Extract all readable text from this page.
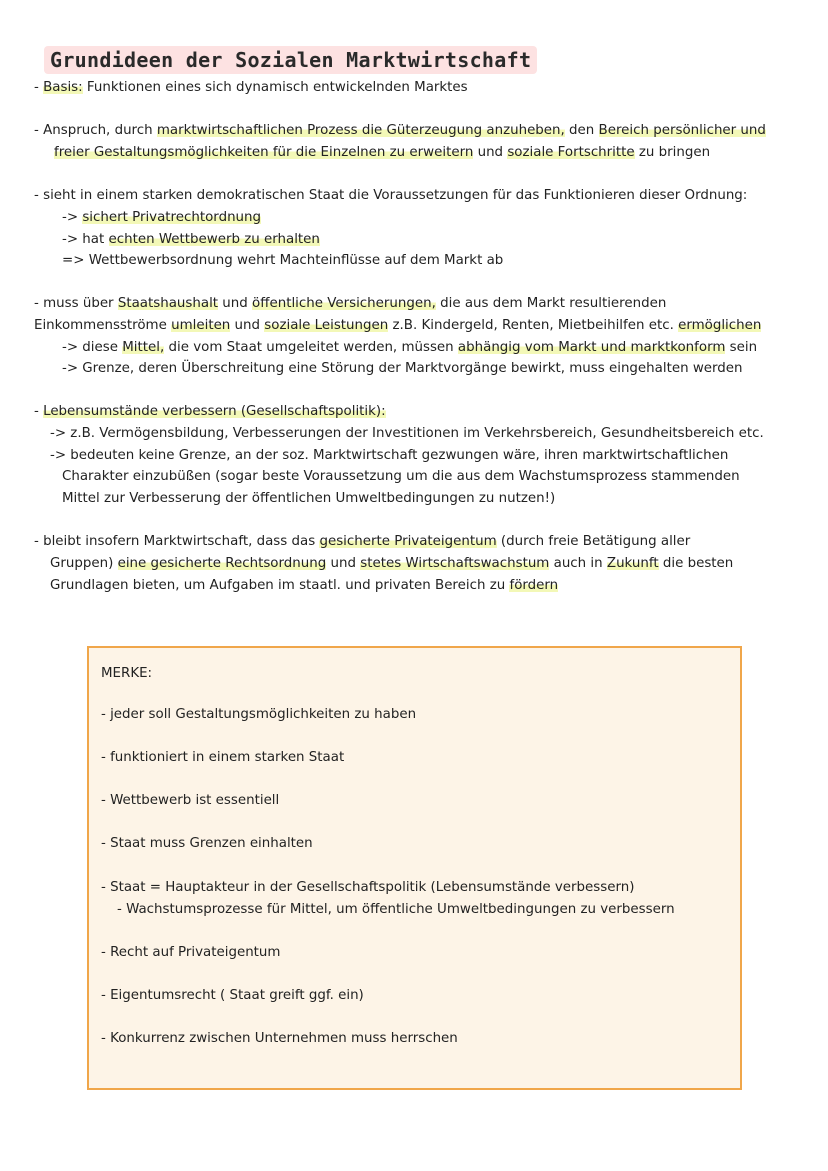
Grundideen der Sozialen Marktwirtschaft
- Basis: Funktionen eines sich dynamisch entwickelnden Marktes
- Anspruch, durch marktwirtschaftlichen Prozess die Güterzeugung anzuheben, den Bereich persönlicher und
freier Gestaltungsmöglichkeiten für die Einzelnen zu erweitern und soziale Fortschritte zu bringen
- sieht in einem starken demokratischen Staat die Voraussetzungen für das Funktionieren dieser Ordnung:
-> sichert Privatrechtordnung
-> hat echten Wettbewerb zu erhalten
=> Wettbewerbsordnung wehrt Machteinflüsse auf dem Markt ab
- muss über Staatshaushalt und öffentliche Versicherungen, die aus dem Markt resultierenden
Einkommensströme umleiten und soziale Leistungen z.B. Kindergeld, Renten, Mietbeihilfen etc. ermöglichen
-> diese Mittel, die vom Staat umgeleitet werden, müssen abhängig vom Markt und marktkonform sein
-> Grenze, deren Überschreitung eine Störung der Marktvorgänge bewirkt, muss eingehalten werden
- Lebensumstände verbessern (Gesellschaftspolitik):
-> z.B. Vermögensbildung, Verbesserungen der Investitionen im Verkehrsbereich, Gesundheitsbereich etc.
-> bedeuten keine Grenze, an der soz. Marktwirtschaft gezwungen wäre, ihren marktwirtschaftlichen
Charakter einzubüßen (sogar beste Voraussetzung um die aus dem Wachstumsprozess stammenden
Mittel zur Verbesserung der öffentlichen Umweltbedingungen zu nutzen!)
- bleibt insofern Marktwirtschaft, dass das gesicherte Privateigentum (durch freie Betätigung aller
Gruppen) eine gesicherte Rechtsordnung und stetes Wirtschaftswachstum auch in Zukunft die besten
Grundlagen bieten, um Aufgaben im staatl. und privaten Bereich zu fördern
MERKE:
- jeder soll Gestaltungsmöglichkeiten zu haben
- funktioniert in einem starken Staat
- Wettbewerb ist essentiell
- Staat muss Grenzen einhalten
- Staat = Hauptakteur in der Gesellschaftspolitik (Lebensumstände verbessern)
- Wachstumsprozesse für Mittel, um öffentliche Umweltbedingungen zu verbessern
- Recht auf Privateigentum
- Eigentumsrecht ( Staat greift ggf. ein)
- Konkurrenz zwischen Unternehmen muss herrschen
